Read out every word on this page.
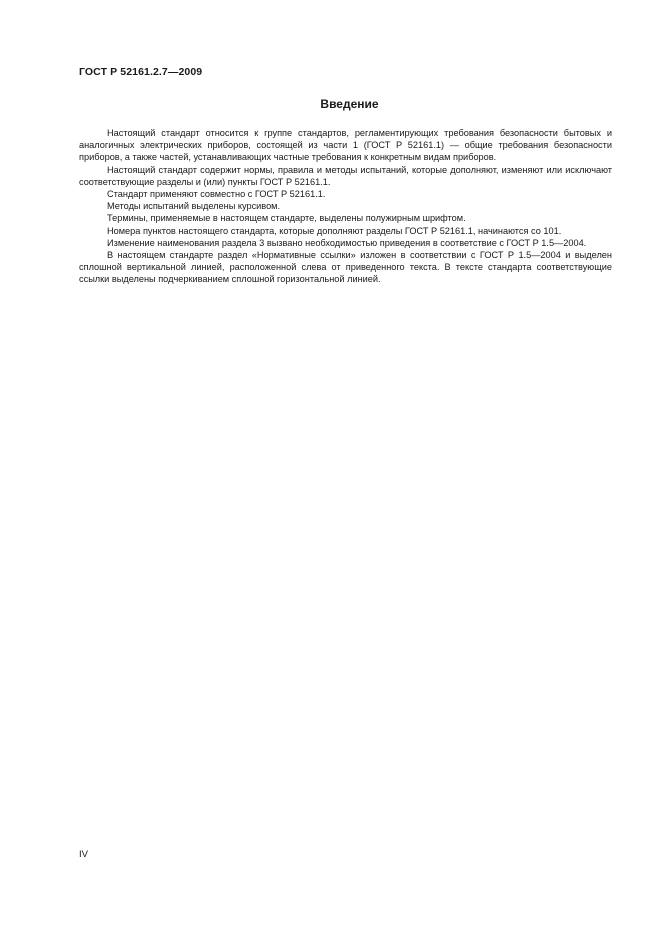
ГОСТ Р 52161.2.7—2009
Введение

Настоящий стандарт относится к группе стандартов, регламентирующих требования безопасности бытовых и аналогичных электрических приборов, состоящей из части 1 (ГОСТ Р 52161.1) — общие требования безопасности приборов, а также частей, устанавливающих частные требования к конкретным видам приборов.

Настоящий стандарт содержит нормы, правила и методы испытаний, которые дополняют, изменяют или исключают соответствующие разделы и (или) пункты ГОСТ Р 52161.1.

Стандарт применяют совместно с ГОСТ Р 52161.1.

Методы испытаний выделены курсивом.

Термины, применяемые в настоящем стандарте, выделены полужирным шрифтом.

Номера пунктов настоящего стандарта, которые дополняют разделы ГОСТ Р 52161.1, начинаются со 101.

Изменение наименования раздела 3 вызвано необходимостью приведения в соответствие с ГОСТ Р 1.5—2004.

В настоящем стандарте раздел «Нормативные ссылки» изложен в соответствии с ГОСТ Р 1.5—2004 и выделен сплошной вертикальной линией, расположенной слева от приведенного текста. В тексте стандарта соответствующие ссылки выделены подчеркиванием сплошной горизонтальной линией.

IV
